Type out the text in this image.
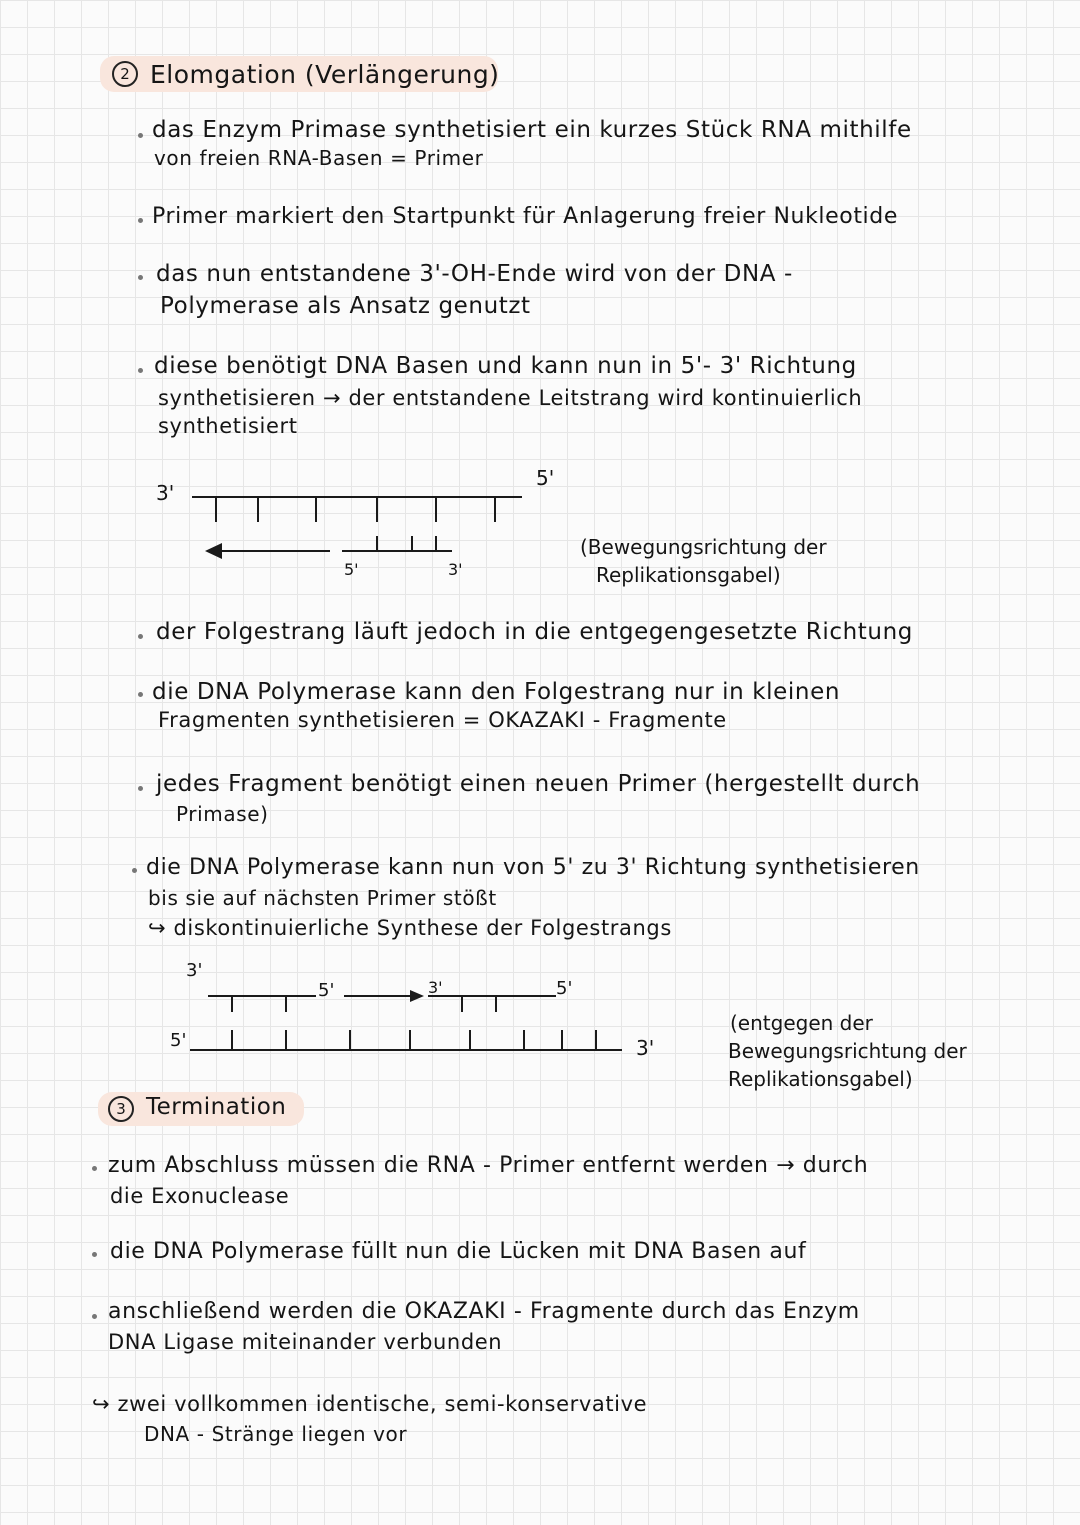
2 Elomgation (Verlängerung)
das Enzym Primase synthetisiert ein kurzes Stück RNA mithilfe
von freien RNA-Basen = Primer
Primer markiert den Startpunkt für Anlagerung freier Nukleotide
das nun entstandene 3'-OH-Ende wird von der DNA -
Polymerase als Ansatz genutzt
diese benötigt DNA Basen und kann nun in 5'- 3' Richtung
synthetisieren → der entstandene Leitstrang wird kontinuierlich
synthetisiert
3'
5'
5'	3'
(Bewegungsrichtung der
Replikationsgabel)
der Folgestrang läuft jedoch in die entgegengesetzte Richtung
die DNA Polymerase kann den Folgestrang nur in kleinen
Fragmenten synthetisieren = OKAZAKI - Fragmente
jedes Fragment benötigt einen neuen Primer (hergestellt durch
Primase)
die DNA Polymerase kann nun von 5' zu 3' Richtung synthetisieren
bis sie auf nächsten Primer stößt
↪ diskontinuierliche Synthese der Folgestrangs
3'
5'	3'	5'
5'	3'
(entgegen der
Bewegungsrichtung der
Replikationsgabel)
3 Termination
zum Abschluss müssen die RNA - Primer entfernt werden → durch
die Exonuclease
die DNA Polymerase füllt nun die Lücken mit DNA Basen auf
anschließend werden die OKAZAKI - Fragmente durch das Enzym
DNA Ligase miteinander verbunden
↪ zwei vollkommen identische, semi-konservative
DNA - Stränge liegen vor
